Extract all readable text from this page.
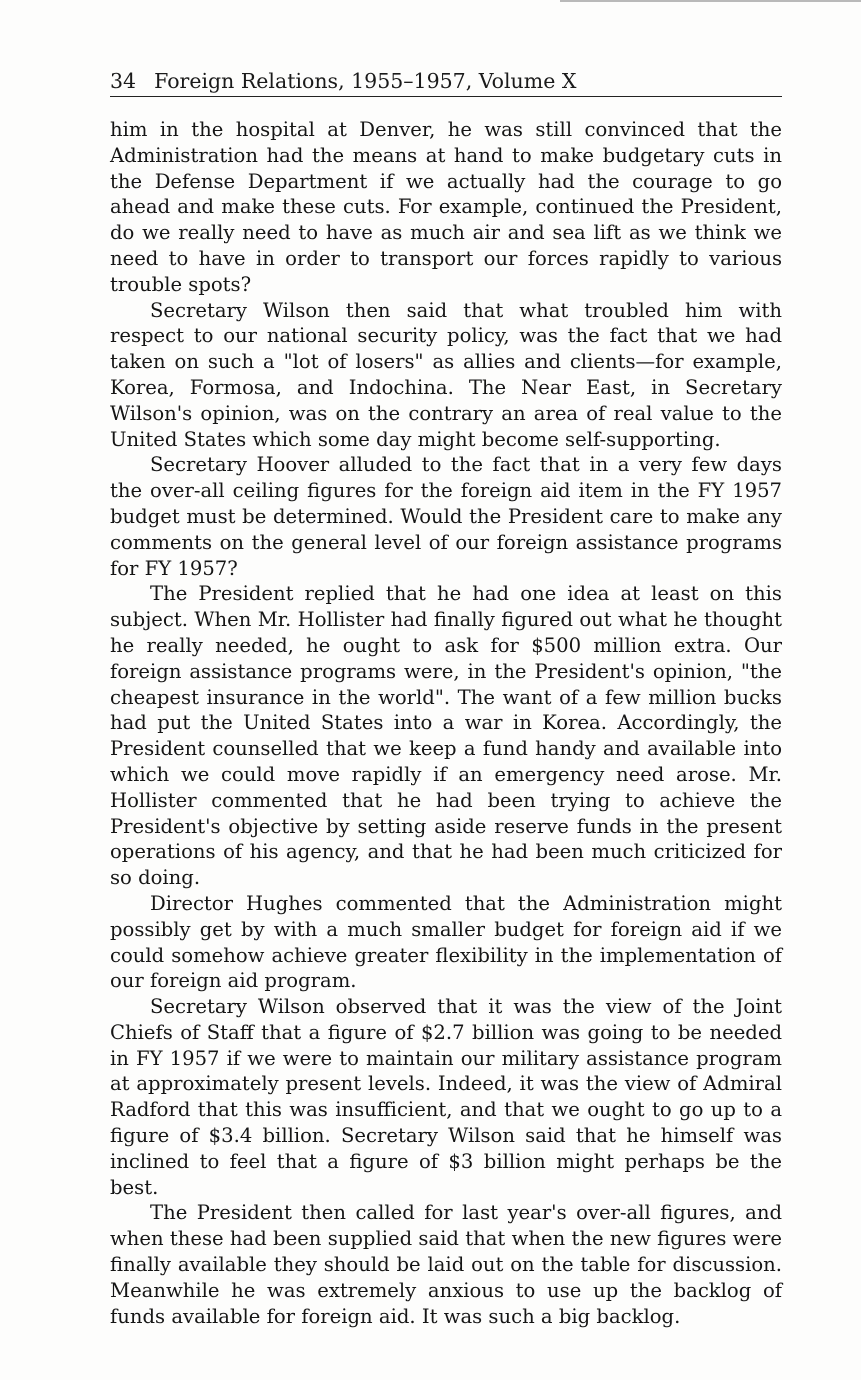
34 Foreign Relations, 1955–1957, Volume X

him in the hospital at Denver, he was still convinced that the Administration had the means at hand to make budgetary cuts in the Defense Department if we actually had the courage to go ahead and make these cuts. For example, continued the President, do we really need to have as much air and sea lift as we think we need to have in order to transport our forces rapidly to various trouble spots?

Secretary Wilson then said that what troubled him with respect to our national security policy, was the fact that we had taken on such a "lot of losers" as allies and clients—for example, Korea, Formosa, and Indochina. The Near East, in Secretary Wilson's opinion, was on the contrary an area of real value to the United States which some day might become self-supporting.

Secretary Hoover alluded to the fact that in a very few days the over-all ceiling figures for the foreign aid item in the FY 1957 budget must be determined. Would the President care to make any comments on the general level of our foreign assistance programs for FY 1957?

The President replied that he had one idea at least on this subject. When Mr. Hollister had finally figured out what he thought he really needed, he ought to ask for $500 million extra. Our foreign assistance programs were, in the President's opinion, "the cheapest insurance in the world". The want of a few million bucks had put the United States into a war in Korea. Accordingly, the President counselled that we keep a fund handy and available into which we could move rapidly if an emergency need arose. Mr. Hollister commented that he had been trying to achieve the President's objective by setting aside reserve funds in the present operations of his agency, and that he had been much criticized for so doing.

Director Hughes commented that the Administration might possibly get by with a much smaller budget for foreign aid if we could somehow achieve greater flexibility in the implementation of our foreign aid program.

Secretary Wilson observed that it was the view of the Joint Chiefs of Staff that a figure of $2.7 billion was going to be needed in FY 1957 if we were to maintain our military assistance program at approximately present levels. Indeed, it was the view of Admiral Radford that this was insufficient, and that we ought to go up to a figure of $3.4 billion. Secretary Wilson said that he himself was inclined to feel that a figure of $3 billion might perhaps be the best.

The President then called for last year's over-all figures, and when these had been supplied said that when the new figures were finally available they should be laid out on the table for discussion. Meanwhile he was extremely anxious to use up the backlog of funds available for foreign aid. It was such a big backlog.
